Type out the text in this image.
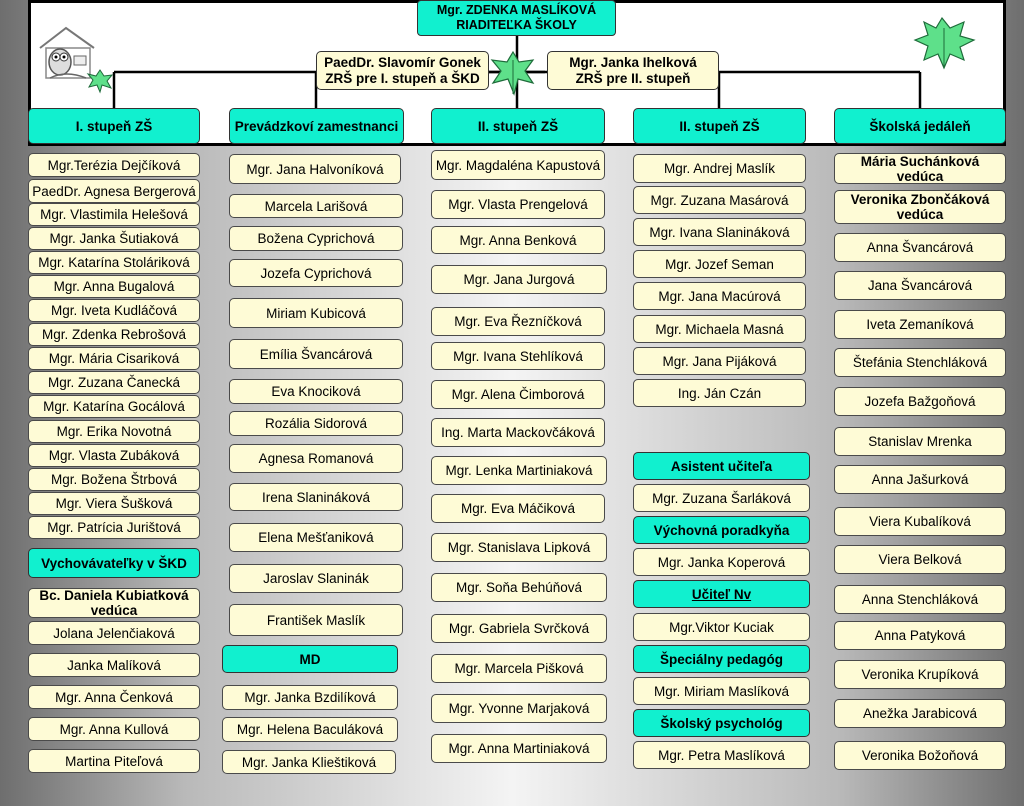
Mgr. ZDENKA MASLÍKOVÁ
RIADITEĽKA ŠKOLY
PaedDr. Slavomír Gonek
ZRŠ pre I. stupeň a ŠKD
Mgr. Janka Ihelková
ZRŠ pre II. stupeň
I. stupeň ZŠ	Prevádzkoví zamestnanci	II. stupeň ZŠ	II. stupeň ZŠ	Školská jedáleň
Mgr.Terézia Dejčíková
PaedDr. Agnesa Bergerová
Mgr. Vlastimila Helešová
Mgr. Janka Šutiaková
Mgr. Katarína Stoláriková
Mgr. Anna Bugalová
Mgr. Iveta Kudláčová
Mgr. Zdenka Rebrošová
Mgr. Mária Cisariková
Mgr. Zuzana Čanecká
Mgr. Katarína Gocálová
Mgr. Erika Novotná
Mgr. Vlasta Zubáková
Mgr. Božena Štrbová
Mgr. Viera Šušková
Mgr. Patrícia Jurištová
Vychovávateľky v ŠKD
Bc. Daniela Kubiatková vedúca
Jolana Jelenčiaková
Janka Malíková
Mgr. Anna Čenková
Mgr. Anna Kullová
Martina Piteľová
Mgr. Jana Halvoníková
Marcela Larišová
Božena Cyprichová
Jozefa Cyprichová
Miriam Kubicová
Emília Švancárová
Eva Knociková
Rozália Sidorová
Agnesa Romanová
Irena Slanináková
Elena Mešťaniková
Jaroslav Slaninák
František Maslík
MD
Mgr. Janka Bzdilíková
Mgr. Helena Baculáková
Mgr. Janka Klieštiková
Mgr. Magdaléna Kapustová
Mgr. Vlasta Prengelová
Mgr. Anna Benková
Mgr. Jana Jurgová
Mgr. Eva Řezníčková
Mgr. Ivana Stehlíková
Mgr. Alena Čimborová
Ing. Marta Mackovčáková
Mgr. Lenka Martiniaková
Mgr. Eva Máčiková
Mgr. Stanislava Lipková
Mgr. Soňa Behúňová
Mgr. Gabriela Svrčková
Mgr. Marcela Pišková
Mgr. Yvonne Marjaková
Mgr. Anna Martiniaková
Mgr. Andrej Maslík
Mgr. Zuzana Masárová
Mgr. Ivana Slanináková
Mgr. Jozef Seman
Mgr. Jana Macúrová
Mgr. Michaela Masná
Mgr. Jana Pijáková
Ing. Ján Czán
Asistent učiteľa
Mgr. Zuzana Šarláková
Výchovná poradkyňa
Mgr. Janka Koperová
Učiteľ Nv
Mgr.Viktor Kuciak
Špeciálny pedagóg
Mgr. Miriam Maslíková
Školský psychológ
Mgr. Petra Maslíková
Mária Suchánková vedúca
Veronika Zbončáková vedúca
Anna Švancárová
Jana Švancárová
Iveta Zemaníková
Štefánia Stenchláková
Jozefa Bažgoňová
Stanislav Mrenka
Anna Jašurková
Viera Kubalíková
Viera Belková
Anna Stenchláková
Anna Patyková
Veronika Krupíková
Anežka Jarabicová
Veronika Božoňová
